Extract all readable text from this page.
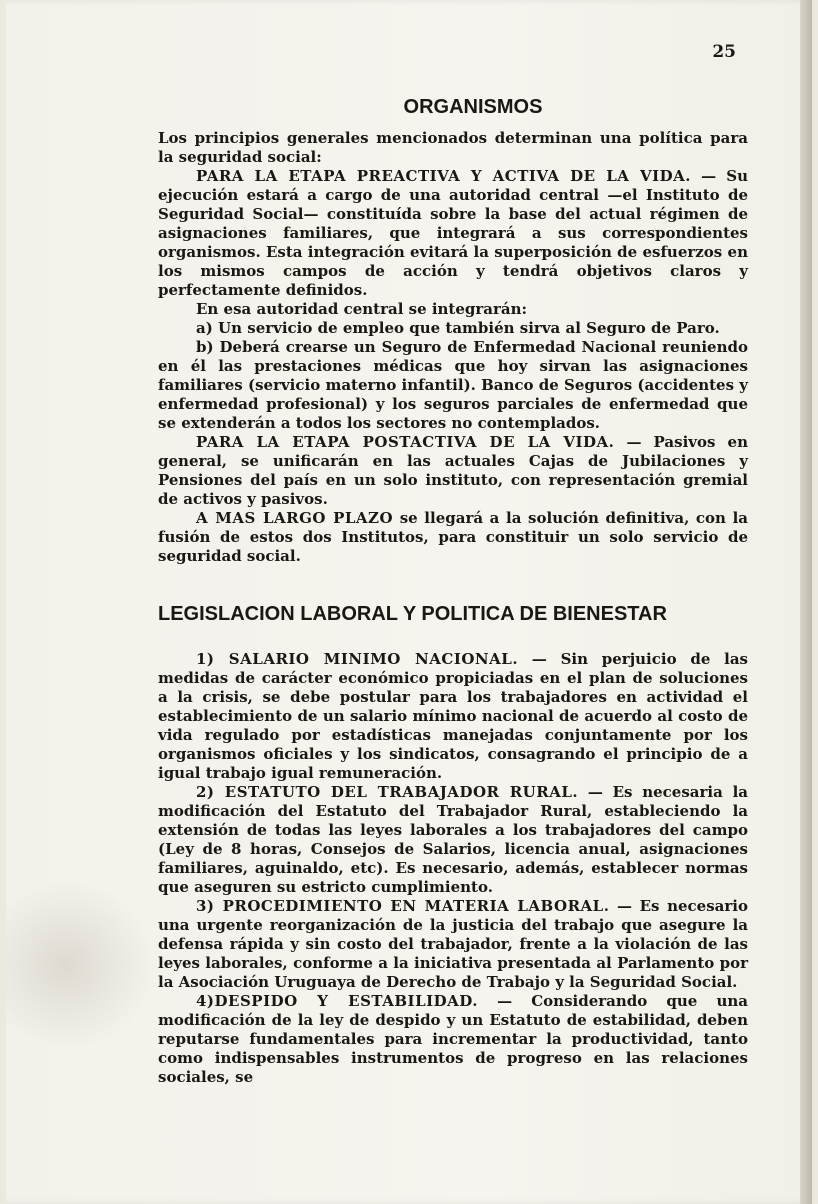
25
ORGANISMOS

Los principios generales mencionados determinan una política para la seguridad social:

PARA LA ETAPA PREACTIVA Y ACTIVA DE LA VIDA. — Su ejecución estará a cargo de una autoridad central —el Instituto de Seguridad Social— constituída sobre la base del actual régimen de asignaciones familiares, que integrará a sus correspondientes organismos. Esta integración evitará la superposición de esfuerzos en los mismos campos de acción y tendrá objetivos claros y perfectamente definidos.

En esa autoridad central se integrarán:

a) Un servicio de empleo que también sirva al Seguro de Paro.

b) Deberá crearse un Seguro de Enfermedad Nacional reuniendo en él las prestaciones médicas que hoy sirvan las asignaciones familiares (servicio materno infantil). Banco de Seguros (accidentes y enfermedad profesional) y los seguros parciales de enfermedad que se extenderán a todos los sectores no contemplados.

PARA LA ETAPA POSTACTIVA DE LA VIDA. — Pasivos en general, se unificarán en las actuales Cajas de Jubilaciones y Pensiones del país en un solo instituto, con representación gremial de activos y pasivos.

A MAS LARGO PLAZO se llegará a la solución definitiva, con la fusión de estos dos Institutos, para constituir un solo servicio de seguridad social.

LEGISLACION LABORAL Y POLITICA DE BIENESTAR

1) SALARIO MINIMO NACIONAL. — Sin perjuicio de las medidas de carácter económico propiciadas en el plan de soluciones a la crisis, se debe postular para los trabajadores en actividad el establecimiento de un salario mínimo nacional de acuerdo al costo de vida regulado por estadísticas manejadas conjuntamente por los organismos oficiales y los sindicatos, consagrando el principio de a igual trabajo igual remuneración.

2) ESTATUTO DEL TRABAJADOR RURAL. — Es necesaria la modificación del Estatuto del Trabajador Rural, estableciendo la extensión de todas las leyes laborales a los trabajadores del campo (Ley de 8 horas, Consejos de Salarios, licencia anual, asignaciones familiares, aguinaldo, etc). Es necesario, además, establecer normas que aseguren su estricto cumplimiento.

3) PROCEDIMIENTO EN MATERIA LABORAL. — Es necesario una urgente reorganización de la justicia del trabajo que asegure la defensa rápida y sin costo del trabajador, frente a la violación de las leyes laborales, conforme a la iniciativa presentada al Parlamento por la Asociación Uruguaya de Derecho de Trabajo y la Seguridad Social.

4)DESPIDO Y ESTABILIDAD. — Considerando que una modificación de la ley de despido y un Estatuto de estabilidad, deben reputarse fundamentales para incrementar la productividad, tanto como indispensables instrumentos de progreso en las relaciones sociales, se
